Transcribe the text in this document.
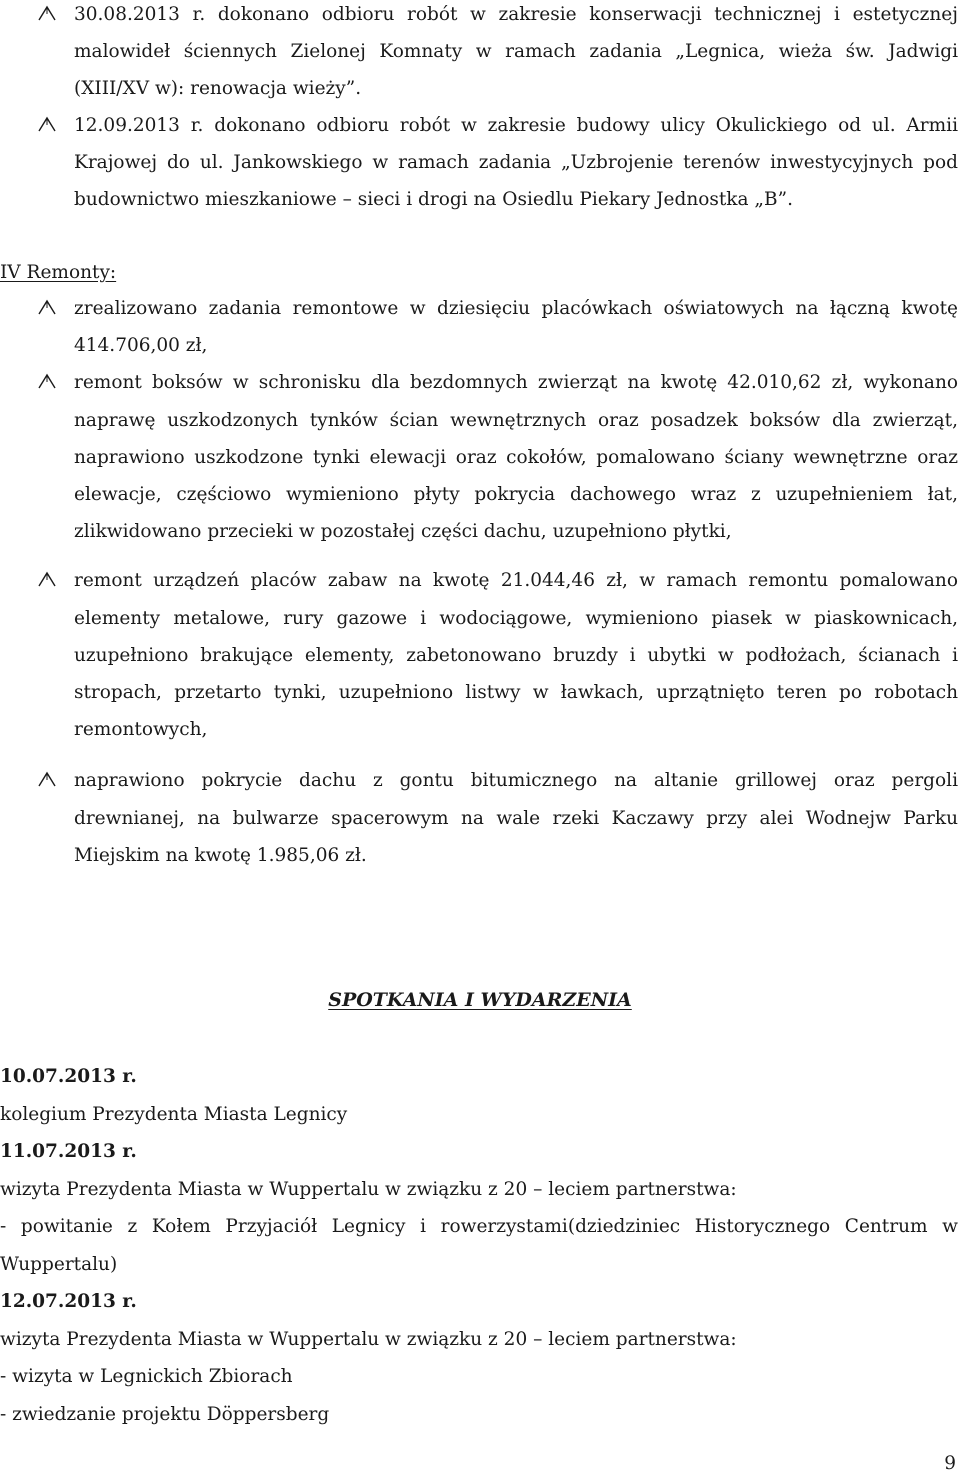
30.08.2013 r. dokonano odbioru robót w zakresie konserwacji technicznej i estetycznej malowideł ściennych Zielonej Komnaty w ramach zadania „Legnica, wieża św. Jadwigi (XIII/XV w): renowacja wieży”.
12.09.2013 r. dokonano odbioru robót w zakresie budowy ulicy Okulickiego od ul. Armii Krajowej do ul. Jankowskiego w ramach zadania „Uzbrojenie terenów inwestycyjnych pod budownictwo mieszkaniowe – sieci i drogi na Osiedlu Piekary Jednostka „B”.
IV Remonty:
zrealizowano zadania remontowe w dziesięciu placówkach oświatowych na łączną kwotę 414.706,00 zł,
remont boksów w schronisku dla bezdomnych zwierząt na kwotę 42.010,62 zł, wykonano naprawę uszkodzonych tynków ścian wewnętrznych oraz posadzek boksów dla zwierząt, naprawiono uszkodzone tynki elewacji oraz cokołów, pomalowano ściany wewnętrzne oraz elewacje, częściowo wymieniono płyty pokrycia dachowego wraz z uzupełnieniem łat, zlikwidowano przecieki w pozostałej części dachu, uzupełniono płytki,
remont urządzeń placów zabaw na kwotę 21.044,46 zł, w ramach remontu pomalowano elementy metalowe, rury gazowe i wodociągowe, wymieniono piasek w piaskownicach, uzupełniono brakujące elementy, zabetonowano bruzdy i ubytki w podłożach, ścianach i stropach, przetarto tynki, uzupełniono listwy w ławkach, uprzątnięto teren po robotach remontowych,
naprawiono pokrycie dachu z gontu bitumicznego na altanie grillowej oraz pergoli drewnianej, na bulwarze spacerowym na wale rzeki Kaczawy przy alei Wodnejw Parku Miejskim na kwotę 1.985,06 zł.
SPOTKANIA I WYDARZENIA
10.07.2013 r.
kolegium Prezydenta Miasta Legnicy
11.07.2013 r.
wizyta Prezydenta Miasta w Wuppertalu w związku z 20 – leciem partnerstwa:
- powitanie z Kołem Przyjaciół Legnicy i rowerzystami(dziedziniec Historycznego Centrum w Wuppertalu)
12.07.2013 r.
wizyta Prezydenta Miasta w Wuppertalu w związku z 20 – leciem partnerstwa:
- wizyta w Legnickich Zbiorach
- zwiedzanie projektu Döppersberg
9
